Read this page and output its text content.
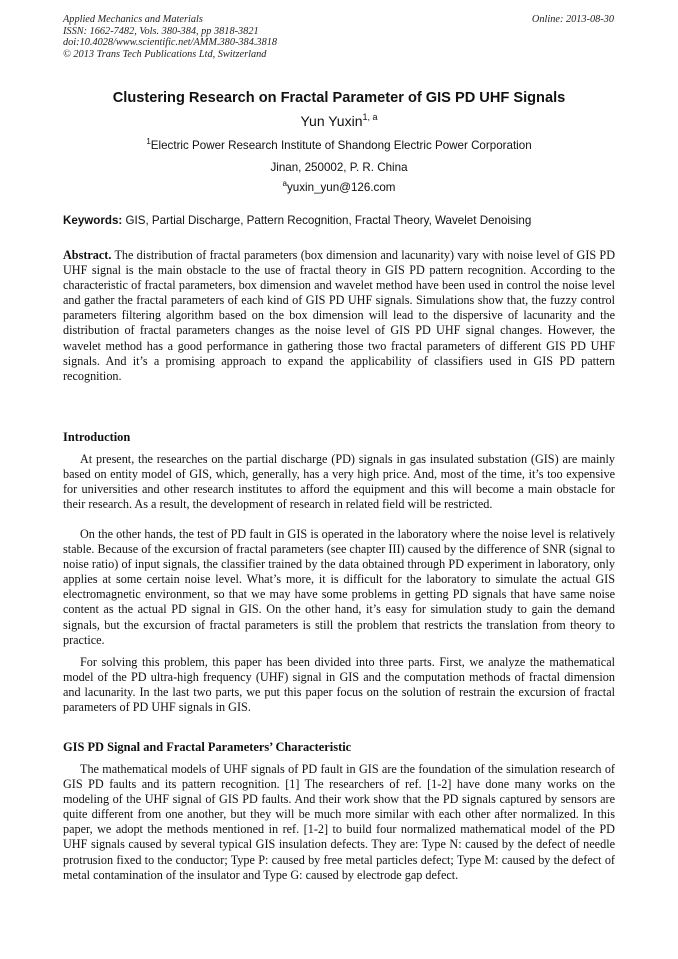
Applied Mechanics and Materials
ISSN: 1662-7482, Vols. 380-384, pp 3818-3821
doi:10.4028/www.scientific.net/AMM.380-384.3818
© 2013 Trans Tech Publications Ltd, Switzerland
Online: 2013-08-30
Clustering Research on Fractal Parameter of GIS PD UHF Signals
Yun Yuxin$^{1, a}$
$^1$Electric Power Research Institute of Shandong Electric Power Corporation
Jinan, 250002, P. R. China
$^a$yuxin_yun@126.com
Keywords: GIS, Partial Discharge, Pattern Recognition, Fractal Theory, Wavelet Denoising
Abstract. The distribution of fractal parameters (box dimension and lacunarity) vary with noise level of GIS PD UHF signal is the main obstacle to the use of fractal theory in GIS PD pattern recognition. According to the characteristic of fractal parameters, box dimension and wavelet method have been used in control the noise level and gather the fractal parameters of each kind of GIS PD UHF signals. Simulations show that, the fuzzy control parameters filtering algorithm based on the box dimension will lead to the dispersive of lacunarity and the distribution of fractal parameters changes as the noise level of GIS PD UHF signal changes. However, the wavelet method has a good performance in gathering those two fractal parameters of different GIS PD UHF signals. And it’s a promising approach to expand the applicability of classifiers used in GIS PD pattern recognition.
Introduction
At present, the researches on the partial discharge (PD) signals in gas insulated substation (GIS) are mainly based on entity model of GIS, which, generally, has a very high price. And, most of the time, it’s too expensive for universities and other research institutes to afford the equipment and this will become a main obstacle for their research. As a result, the development of research in related field will be restricted.
On the other hands, the test of PD fault in GIS is operated in the laboratory where the noise level is relatively stable. Because of the excursion of fractal parameters (see chapter III) caused by the difference of SNR (signal to noise ratio) of input signals, the classifier trained by the data obtained through PD experiment in laboratory, only applies at some certain noise level. What’s more, it is difficult for the laboratory to simulate the actual GIS electromagnetic environment, so that we may have some problems in getting PD signals that have same noise content as the actual PD signal in GIS. On the other hand, it’s easy for simulation study to gain the demand signals, but the excursion of fractal parameters is still the problem that restricts the translation from theory to practice.
For solving this problem, this paper has been divided into three parts. First, we analyze the mathematical model of the PD ultra-high frequency (UHF) signal in GIS and the computation methods of fractal dimension and lacunarity. In the last two parts, we put this paper focus on the solution of restrain the excursion of fractal parameters of PD UHF signals in GIS.
GIS PD Signal and Fractal Parameters’ Characteristic
The mathematical models of UHF signals of PD fault in GIS are the foundation of the simulation research of GIS PD faults and its pattern recognition. [1] The researchers of ref. [1-2] have done many works on the modeling of the UHF signal of GIS PD faults. And their work show that the PD signals captured by sensors are quite different from one another, but they will be much more similar with each other after normalized. In this paper, we adopt the methods mentioned in ref. [1-2] to build four normalized mathematical model of the PD UHF signals caused by several typical GIS insulation defects. They are: Type N: caused by the defect of needle protrusion fixed to the conductor; Type P: caused by free metal particles defect; Type M: caused by the defect of metal contamination of the insulator and Type G: caused by electrode gap defect.
